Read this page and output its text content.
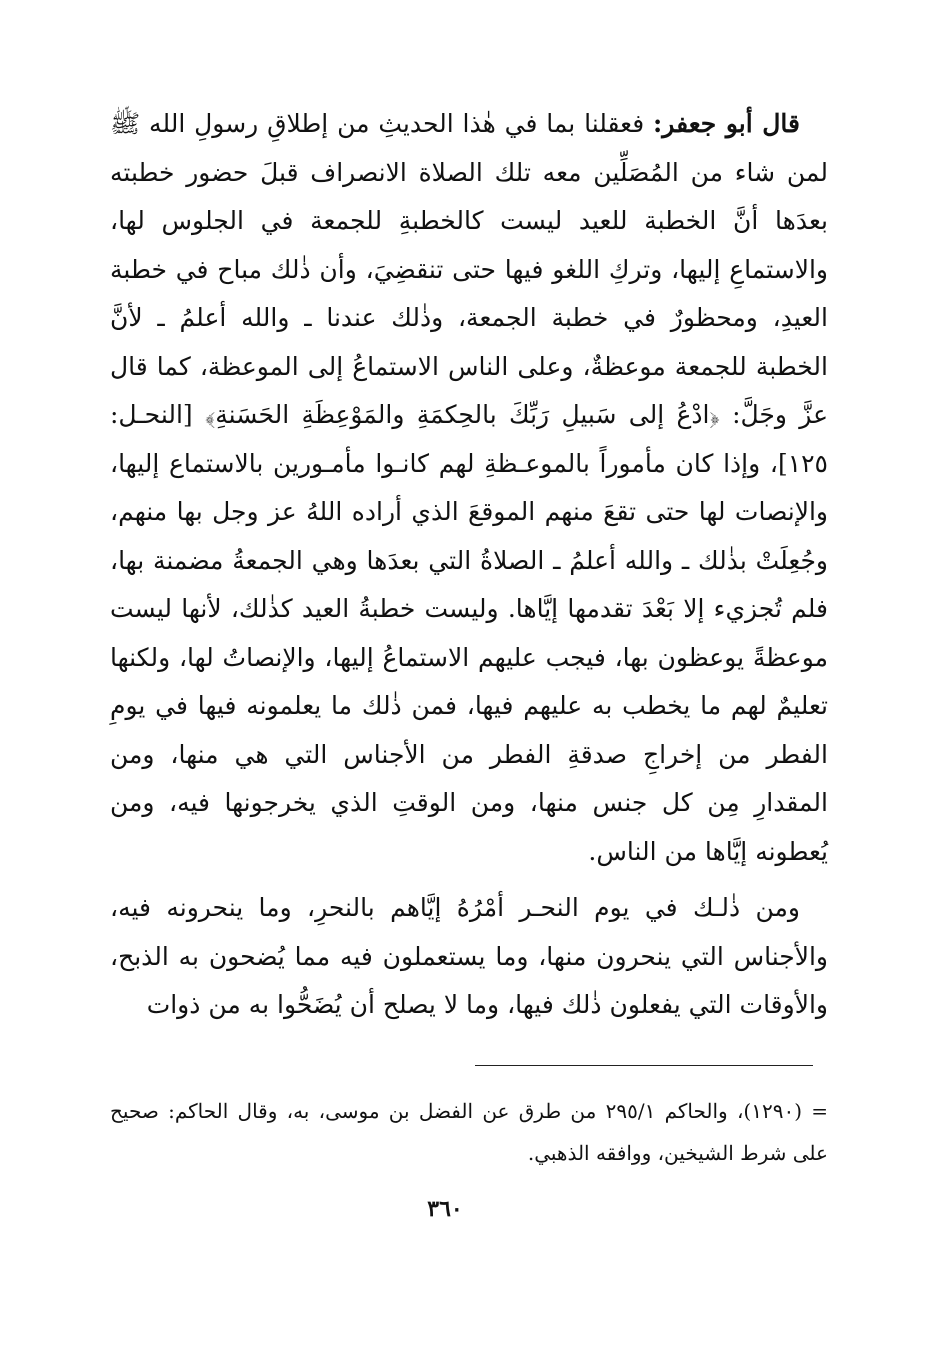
قال أبو جعفر: فعقلنا بما في هٰذا الحديثِ من إطلاقِ رسولِ الله ﷺ لمن شاء من المُصَلِّين معه تلك الصلاة الانصراف قبلَ حضور خطبته بعدَها أنَّ الخطبة للعيد ليست كالخطبةِ للجمعة في الجلوس لها، والاستماعِ إليها، وتركِ اللغو فيها حتى تنقضِيَ، وأن ذٰلك مباح في خطبة العيدِ، ومحظورٌ في خطبة الجمعة، وذٰلك عندنا ـ والله أعلمُ ـ لأنَّ الخطبة للجمعة موعظةٌ، وعلى الناس الاستماعُ إلى الموعظة، كما قال عزَّ وجَلَّ: ﴿ادْعُ إلى سَبيلِ رَبِّكَ بالحِكمَةِ والمَوْعِظَةِ الحَسَنةِ﴾ [النحـل: ١٢٥]، وإذا كان مأموراً بالموعـظةِ لهم كانـوا مأمـورين بالاستماع إليها، والإنصات لها حتى تقعَ منهم الموقعَ الذي أراده اللهُ عز وجل بها منهم، وجُعِلَتْ بذٰلك ـ والله أعلمُ ـ الصلاةُ التي بعدَها وهي الجمعةُ مضمنة بها، فلم تُجزيء إلا بَعْدَ تقدمها إيَّاها. وليست خطبةُ العيد كذٰلك، لأنها ليست موعظةً يوعظون بها، فيجب عليهم الاستماعُ إليها، والإنصاتُ لها، ولكنها تعليمٌ لهم ما يخطب به عليهم فيها، فمن ذٰلك ما يعلمونه فيها في يومِ الفطر من إخراجِ صدقةِ الفطر من الأجناس التي هي منها، ومن المقدارِ مِن كل جنس منها، ومن الوقتِ الذي يخرجونها فيه، ومن يُعطونه إيَّاها من الناس.

ومن ذٰلـك في يوم النحـر أمْرُهُ إيَّاهم بالنحرِ، وما ينحرونه فيه، والأجناس التي ينحرون منها، وما يستعملون فيه مما يُضحون به الذبح، والأوقات التي يفعلون ذٰلك فيها، وما لا يصلح أن يُضَحُّوا به من ذوات

= (١٢٩٠)، والحاكم ٢٩٥/١ من طرق عن الفضل بن موسى، به، وقال الحاكم: صحيح على شرط الشيخين، ووافقه الذهبي.

٣٦٠
